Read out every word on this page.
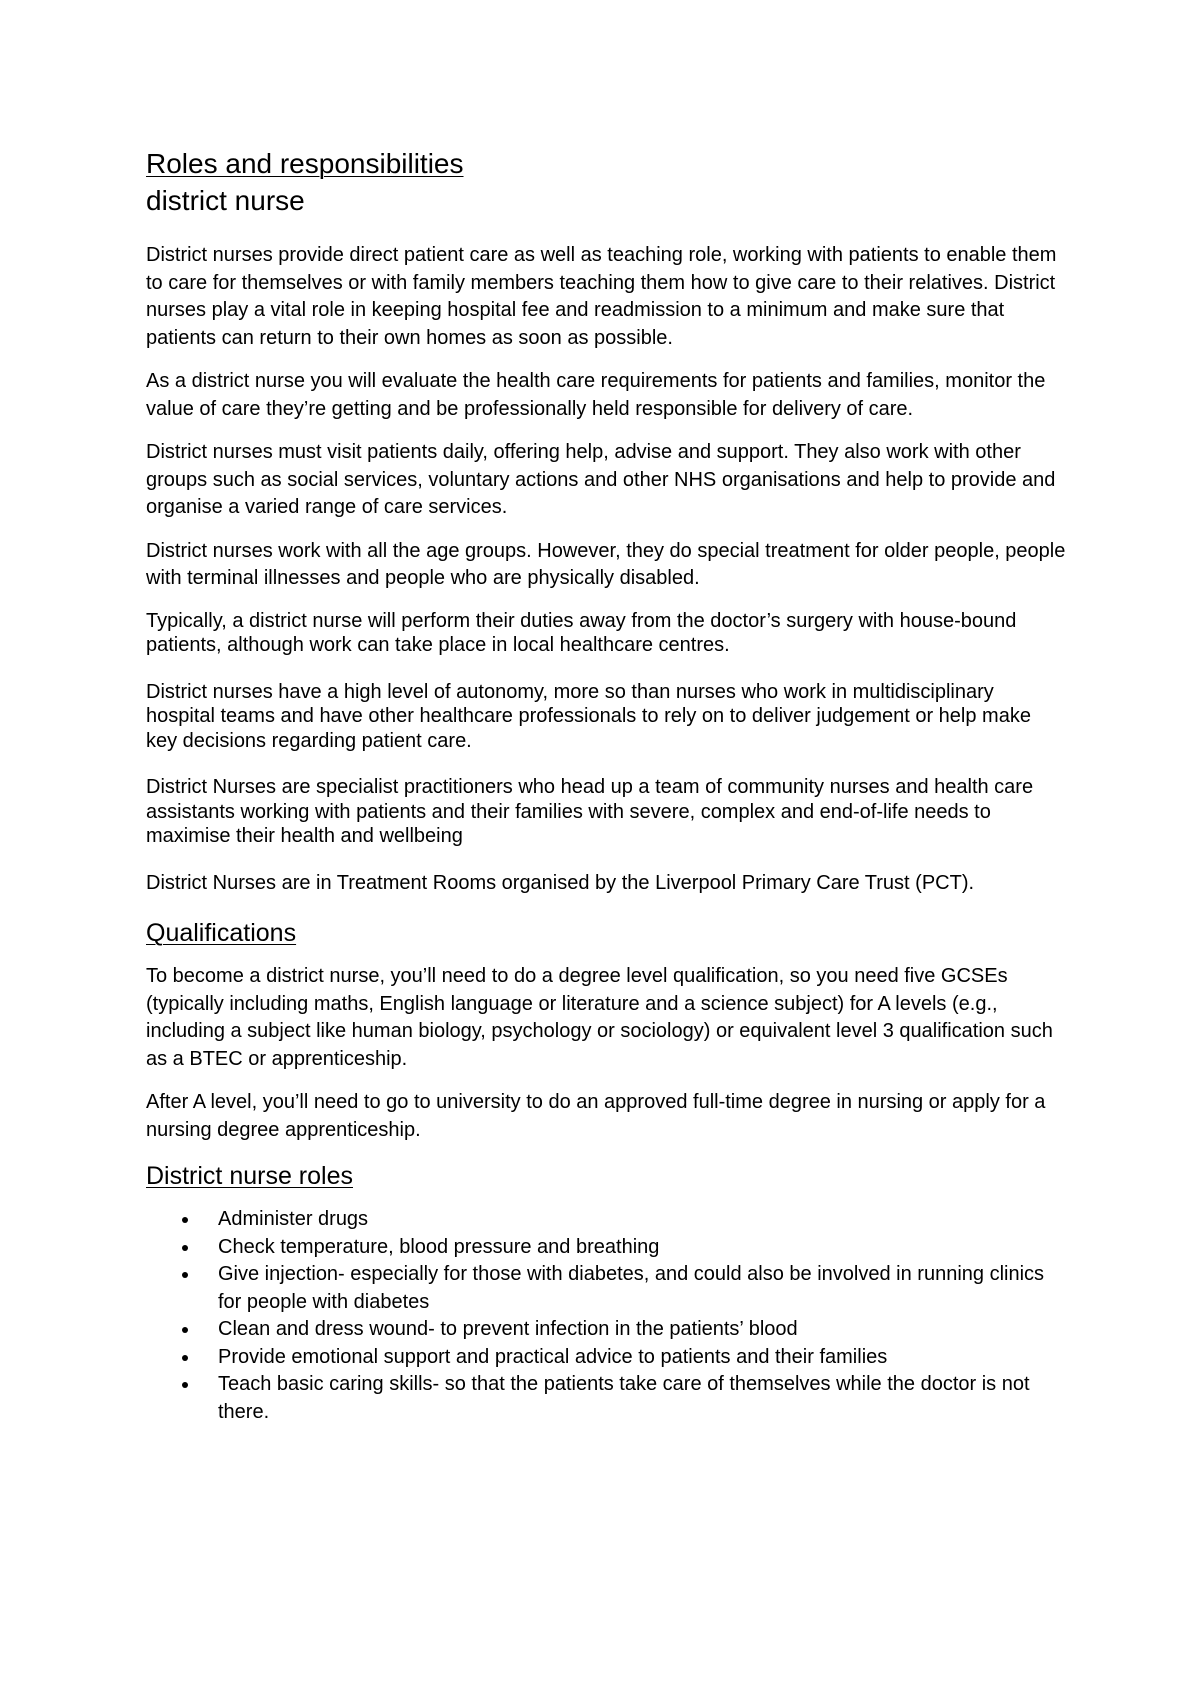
Roles and responsibilities
district nurse

District nurses provide direct patient care as well as teaching role, working with patients to enable them to care for themselves or with family members teaching them how to give care to their relatives. District nurses play a vital role in keeping hospital fee and readmission to a minimum and make sure that patients can return to their own homes as soon as possible.

As a district nurse you will evaluate the health care requirements for patients and families, monitor the value of care they’re getting and be professionally held responsible for delivery of care.

District nurses must visit patients daily, offering help, advise and support. They also work with other groups such as social services, voluntary actions and other NHS organisations and help to provide and organise a varied range of care services.

District nurses work with all the age groups. However, they do special treatment for older people, people with terminal illnesses and people who are physically disabled.

Typically, a district nurse will perform their duties away from the doctor’s surgery with house-bound patients, although work can take place in local healthcare centres.

District nurses have a high level of autonomy, more so than nurses who work in multidisciplinary hospital teams and have other healthcare professionals to rely on to deliver judgement or help make key decisions regarding patient care.

District Nurses are specialist practitioners who head up a team of community nurses and health care assistants working with patients and their families with severe, complex and end-of-life needs to maximise their health and wellbeing

District Nurses are in Treatment Rooms organised by the Liverpool Primary Care Trust (PCT).

Qualifications

To become a district nurse, you’ll need to do a degree level qualification, so you need five GCSEs (typically including maths, English language or literature and a science subject) for A levels (e.g., including a subject like human biology, psychology or sociology) or equivalent level 3 qualification such as a BTEC or apprenticeship.

After A level, you’ll need to go to university to do an approved full-time degree in nursing or apply for a nursing degree apprenticeship.

District nurse roles
Administer drugs
Check temperature, blood pressure and breathing
Give injection- especially for those with diabetes, and could also be involved in running clinics for people with diabetes
Clean and dress wound- to prevent infection in the patients’ blood
Provide emotional support and practical advice to patients and their families
Teach basic caring skills- so that the patients take care of themselves while the doctor is not there.
